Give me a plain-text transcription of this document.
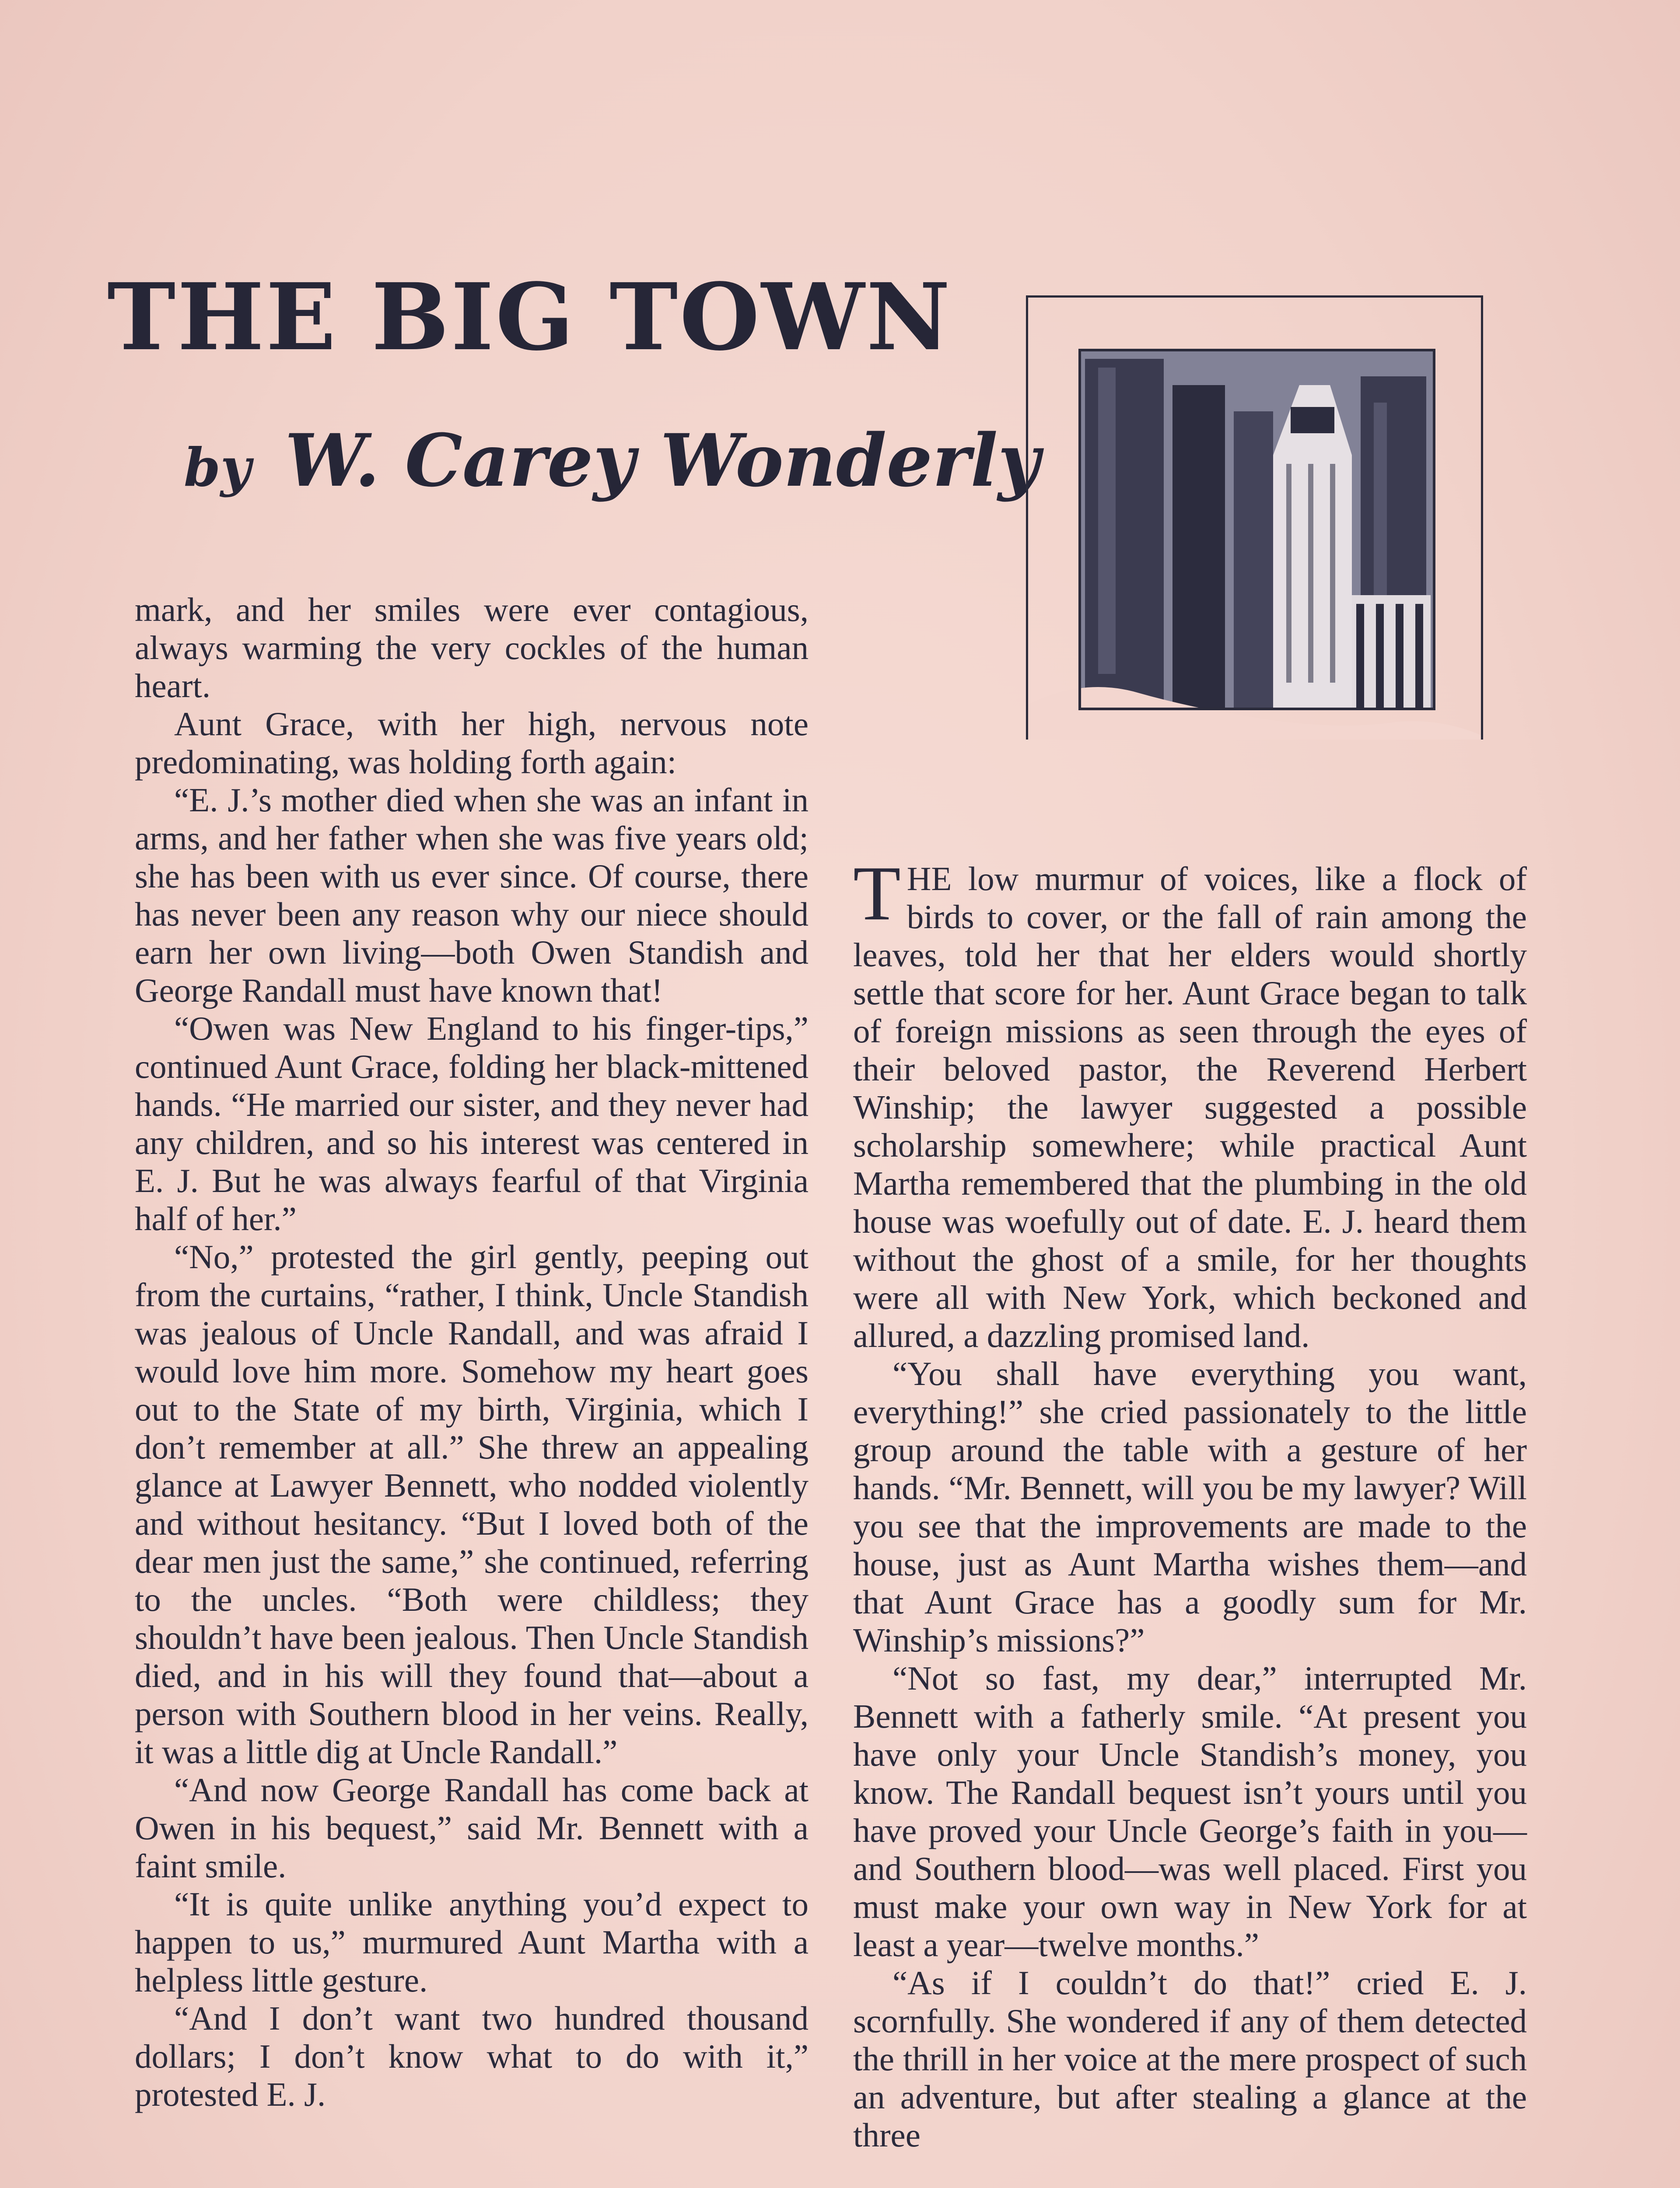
THE BIG TOWN
by W. Carey Wonderly

mark, and her smiles were ever contagious, always warming the very cockles of the human heart.

Aunt Grace, with her high, nervous note predominating, was holding forth again:

“E. J.’s mother died when she was an infant in arms, and her father when she was five years old; she has been with us ever since. Of course, there has never been any reason why our niece should earn her own living—both Owen Standish and George Randall must have known that!

“Owen was New England to his finger-tips,” continued Aunt Grace, folding her black-mittened hands. “He married our sister, and they never had any children, and so his interest was centered in E. J. But he was always fearful of that Virginia half of her.”

“No,” protested the girl gently, peeping out from the curtains, “rather, I think, Uncle Standish was jealous of Uncle Randall, and was afraid I would love him more. Somehow my heart goes out to the State of my birth, Virginia, which I don’t remember at all.” She threw an appealing glance at Lawyer Bennett, who nodded violently and without hesitancy. “But I loved both of the dear men just the same,” she continued, referring to the uncles. “Both were childless; they shouldn’t have been jealous. Then Uncle Standish died, and in his will they found that—about a person with Southern blood in her veins. Really, it was a little dig at Uncle Randall.”

“And now George Randall has come back at Owen in his bequest,” said Mr. Bennett with a faint smile.

“It is quite unlike anything you’d expect to happen to us,” murmured Aunt Martha with a helpless little gesture.

“And I don’t want two hundred thousand dollars; I don’t know what to do with it,” protested E. J.

THE low murmur of voices, like a flock of birds to cover, or the fall of rain among the leaves, told her that her elders would shortly settle that score for her. Aunt Grace began to talk of foreign missions as seen through the eyes of their beloved pastor, the Reverend Herbert Winship; the lawyer suggested a possible scholarship somewhere; while practical Aunt Martha remembered that the plumbing in the old house was woefully out of date. E. J. heard them without the ghost of a smile, for her thoughts were all with New York, which beckoned and allured, a dazzling promised land.

“You shall have everything you want, everything!” she cried passionately to the little group around the table with a gesture of her hands. “Mr. Bennett, will you be my lawyer? Will you see that the improvements are made to the house, just as Aunt Martha wishes them—and that Aunt Grace has a goodly sum for Mr. Winship’s missions?”

“Not so fast, my dear,” interrupted Mr. Bennett with a fatherly smile. “At present you have only your Uncle Standish’s money, you know. The Randall bequest isn’t yours until you have proved your Uncle George’s faith in you—and Southern blood—was well placed. First you must make your own way in New York for at least a year—twelve months.”

“As if I couldn’t do that!” cried E. J. scornfully. She wondered if any of them detected the thrill in her voice at the mere prospect of such an adventure, but after stealing a glance at the three
